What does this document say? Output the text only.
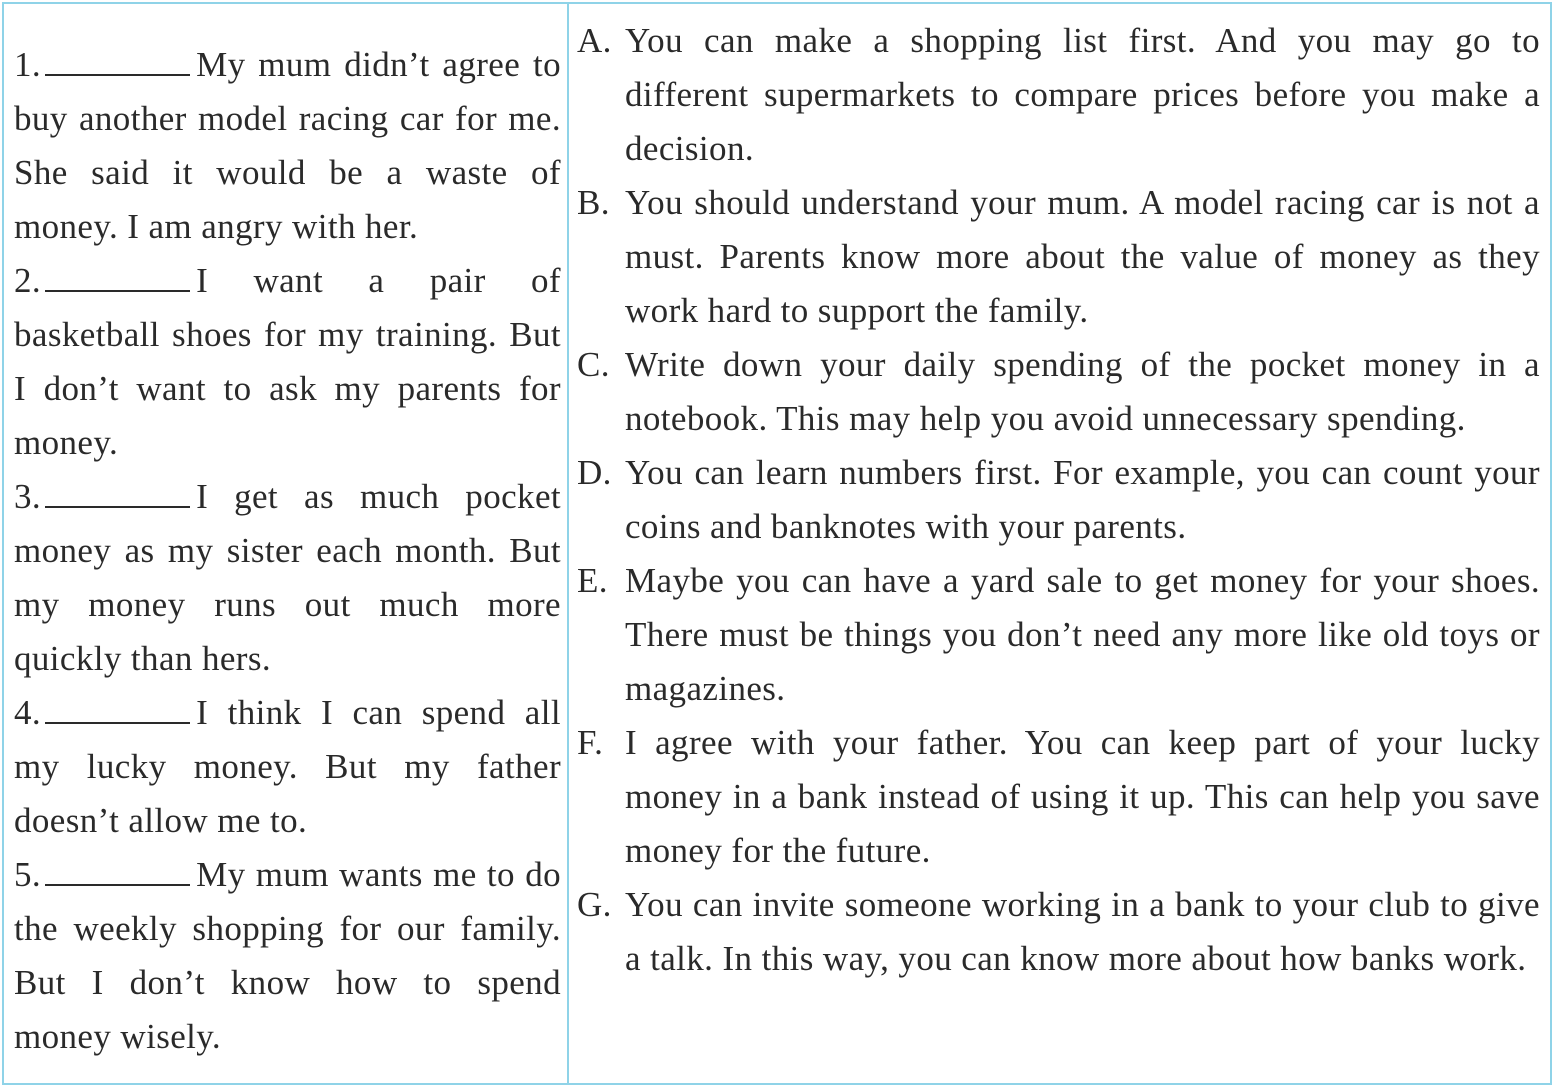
1.	My mum didn’t agree to buy another model racing car for me. She said it would be a waste of money. I am angry with her.
2.	I want a pair of basketball shoes for my training. But I don’t want to ask my parents for money.
3.	I get as much pocket money as my sister each month. But my money runs out much more quickly than hers.
4.	I think I can spend all my lucky money. But my father doesn’t allow me to.
5.	My mum wants me to do the weekly shopping for our family. But I don’t know how to spend money wisely.
A. You can make a shopping list first. And you may go to different supermarkets to compare prices before you make a decision.
B. You should understand your mum. A model racing car is not a must. Parents know more about the value of money as they work hard to support the family.
C. Write down your daily spending of the pocket money in a notebook. This may help you avoid unnecessary spending.
D. You can learn numbers first. For example, you can count your coins and banknotes with your parents.
E. Maybe you can have a yard sale to get money for your shoes. There must be things you don’t need any more like old toys or magazines.
F. I agree with your father. You can keep part of your lucky money in a bank instead of using it up. This can help you save money for the future.
G. You can invite someone working in a bank to your club to give a talk. In this way, you can know more about how banks work.
